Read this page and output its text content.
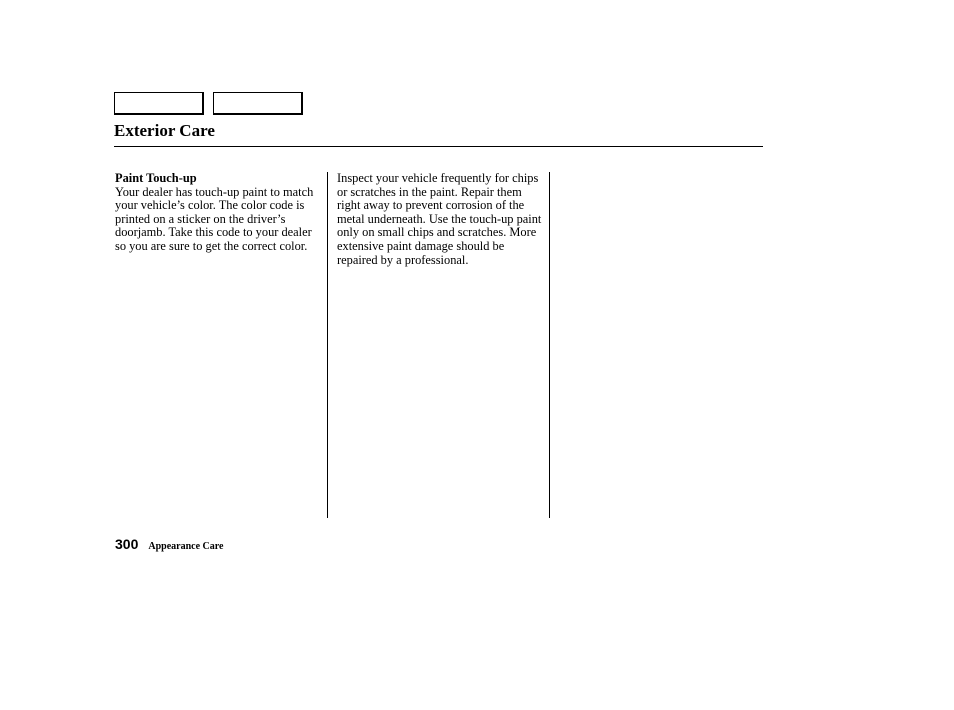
Exterior Care
Paint Touch-up

Your dealer has touch-up paint to match your vehicle’s color. The color code is printed on a sticker on the driver’s doorjamb. Take this code to your dealer so you are sure to get the correct color.

Inspect your vehicle frequently for chips or scratches in the paint. Repair them right away to prevent corrosion of the metal underneath. Use the touch-up paint only on small chips and scratches. More extensive paint damage should be repaired by a professional.

300 Appearance Care
